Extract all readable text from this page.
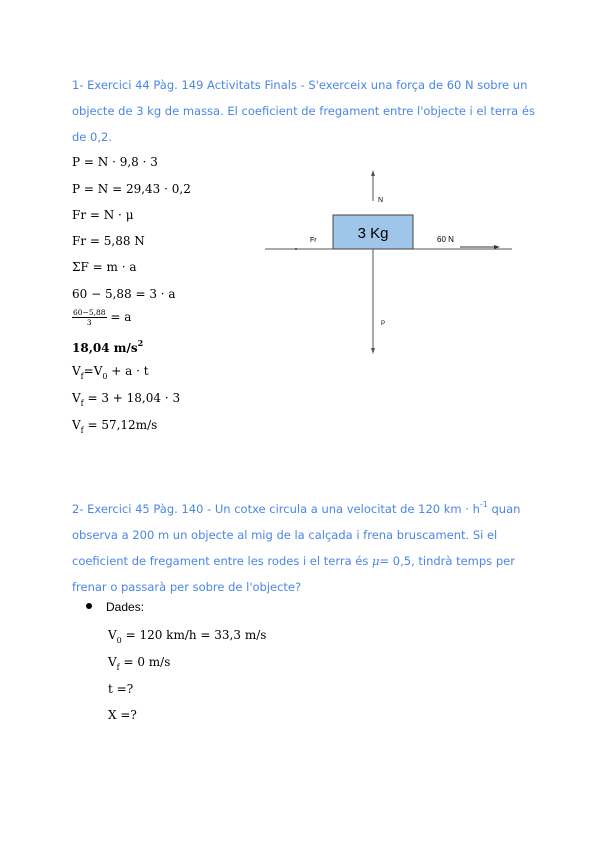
1- Exercici 44 Pàg. 149 Activitats Finals - S'exerceix una força de 60 N sobre un objecte de 3 kg de massa. El coeficient de fregament entre l'objecte i el terra és de 0,2.

P = N · 9,8 · 3
P = N = 29,43 · 0,2
Fr = N · μ
Fr = 5,88 N
ΣF = m · a
60 − 5,88 = 3 · a
$\frac{60-5,88}{3} = a$
18,04 $m/s^2$
$V_f=V_0 + a \cdot t$
$V_f = 3 + 18,04 \cdot 3$
$V_f = 57,12m/s$
3 Kg
N
Fr	60 N
P

2- Exercici 45 Pàg. 140 - Un cotxe circula a una velocitat de 120 km · $h^{-1}$ quan observa a 200 m un objecte al mig de la calçada i frena bruscament. Si el coeficient de fregament entre les rodes i el terra és μ= 0,5, tindrà temps per frenar o passarà per sobre de l'objecte?

Dades:
$V_0 = 120$ km/h = 33,3 m/s
$V_f = 0$ m/s
t =?
X =?
